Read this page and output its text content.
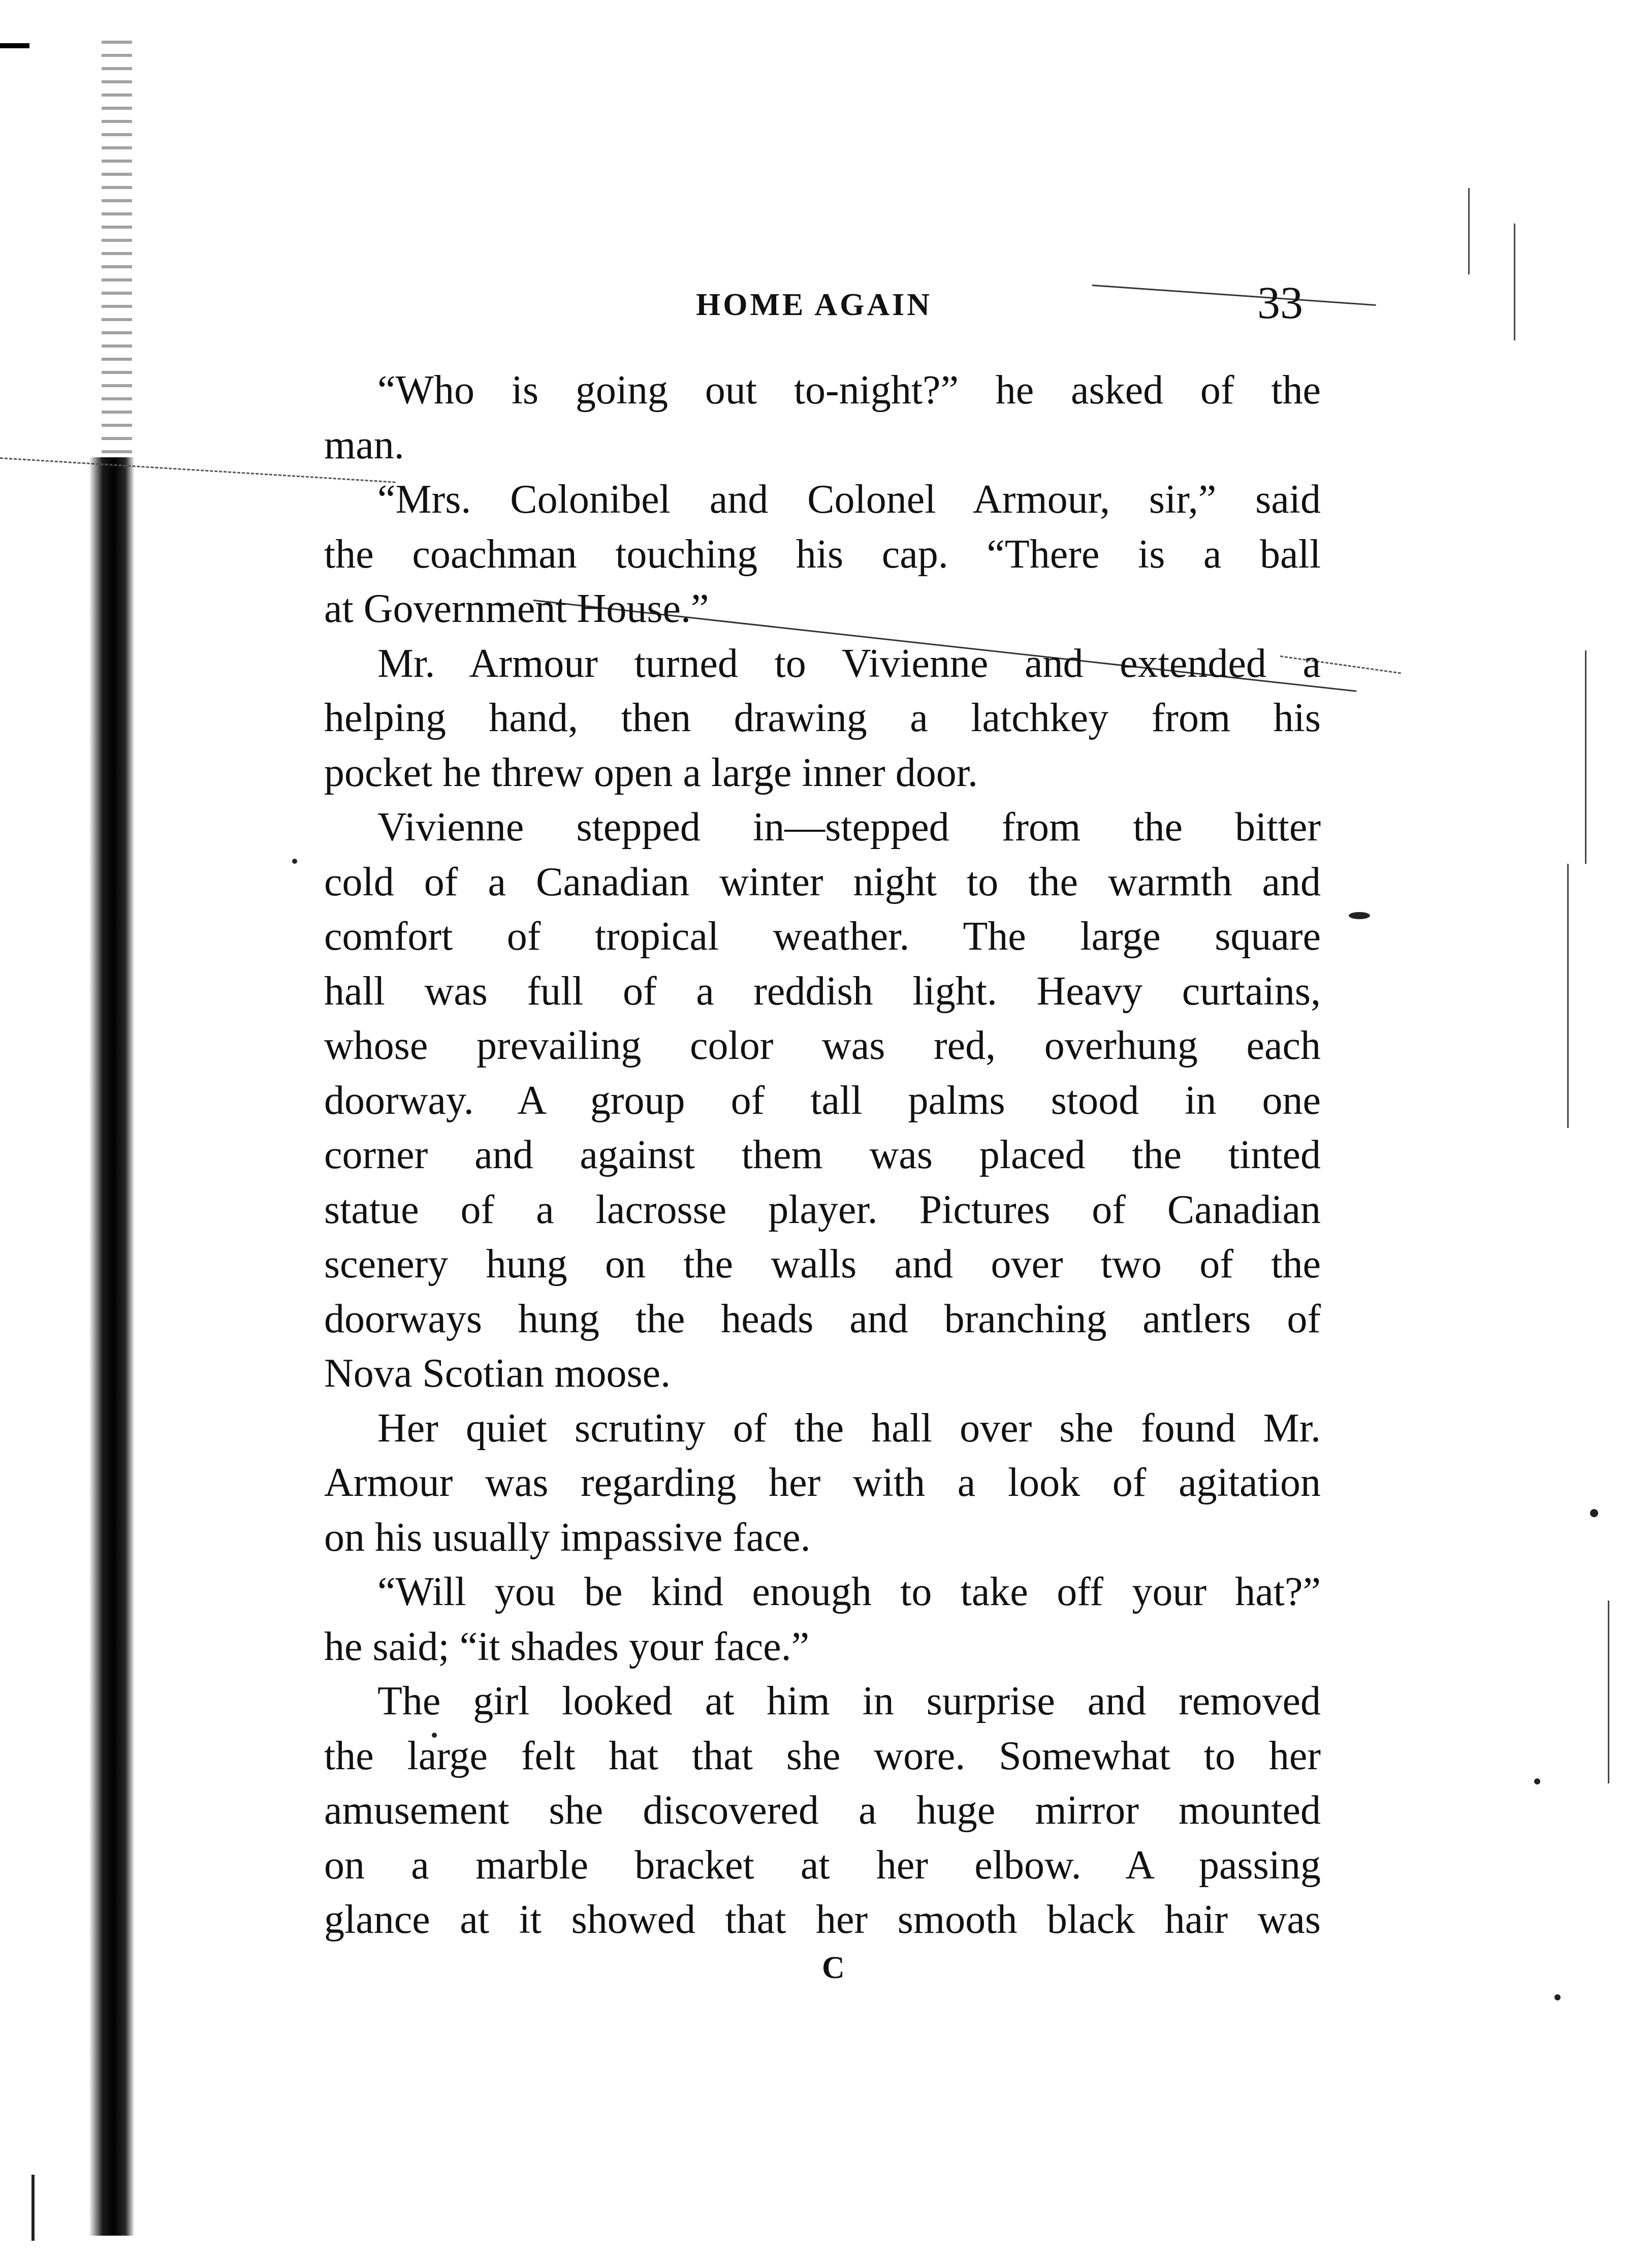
HOME AGAIN	33
“Who is going out to-night?” he asked of the
man.
“Mrs. Colonibel and Colonel Armour, sir,” said
the coachman touching his cap. “There is a ball
at Government House.”
Mr. Armour turned to Vivienne and extended a
helping hand, then drawing a latchkey from his
pocket he threw open a large inner door.
Vivienne stepped in—stepped from the bitter
cold of a Canadian winter night to the warmth and
comfort of tropical weather. The large square
hall was full of a reddish light. Heavy curtains,
whose prevailing color was red, overhung each
doorway. A group of tall palms stood in one
corner and against them was placed the tinted
statue of a lacrosse player. Pictures of Canadian
scenery hung on the walls and over two of the
doorways hung the heads and branching antlers of
Nova Scotian moose.
Her quiet scrutiny of the hall over she found Mr.
Armour was regarding her with a look of agitation
on his usually impassive face.
“Will you be kind enough to take off your hat?”
he said; “it shades your face.”
The girl looked at him in surprise and removed
the large felt hat that she wore. Somewhat to her
amusement she discovered a huge mirror mounted
on a marble bracket at her elbow. A passing
glance at it showed that her smooth black hair was
C
